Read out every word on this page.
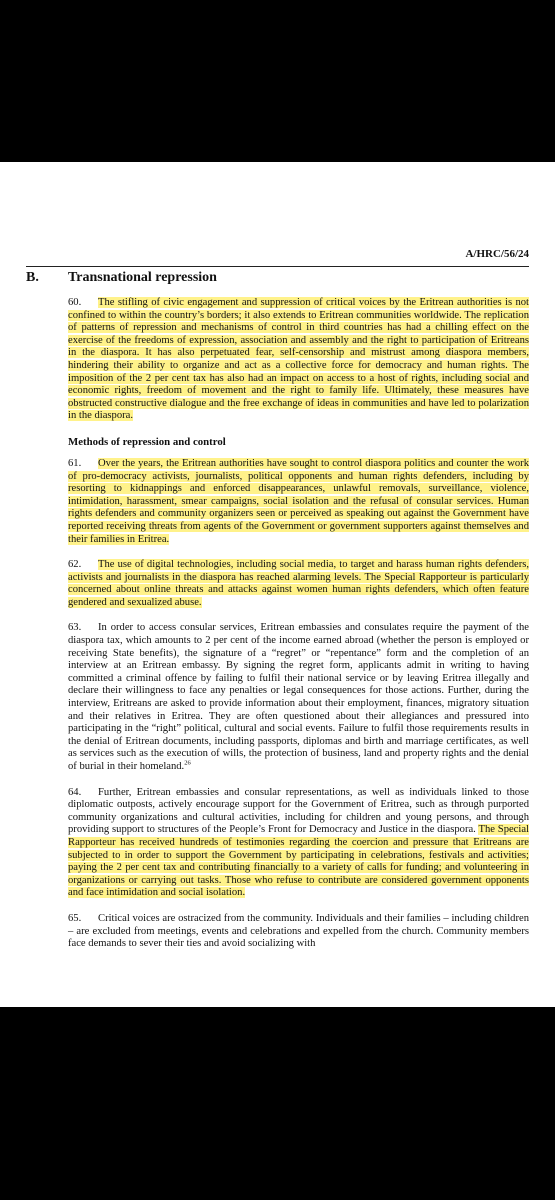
A/HRC/56/24
B. Transnational repression

60. The stifling of civic engagement and suppression of critical voices by the Eritrean authorities is not confined to within the country’s borders; it also extends to Eritrean communities worldwide. The replication of patterns of repression and mechanisms of control in third countries has had a chilling effect on the exercise of the freedoms of expression, association and assembly and the right to participation of Eritreans in the diaspora. It has also perpetuated fear, self-censorship and mistrust among diaspora members, hindering their ability to organize and act as a collective force for democracy and human rights. The imposition of the 2 per cent tax has also had an impact on access to a host of rights, including social and economic rights, freedom of movement and the right to family life. Ultimately, these measures have obstructed constructive dialogue and the free exchange of ideas in communities and have led to polarization in the diaspora.

Methods of repression and control

61. Over the years, the Eritrean authorities have sought to control diaspora politics and counter the work of pro-democracy activists, journalists, political opponents and human rights defenders, including by resorting to kidnappings and enforced disappearances, unlawful removals, surveillance, violence, intimidation, harassment, smear campaigns, social isolation and the refusal of consular services. Human rights defenders and community organizers seen or perceived as speaking out against the Government have reported receiving threats from agents of the Government or government supporters against themselves and their families in Eritrea.

62. The use of digital technologies, including social media, to target and harass human rights defenders, activists and journalists in the diaspora has reached alarming levels. The Special Rapporteur is particularly concerned about online threats and attacks against women human rights defenders, which often feature gendered and sexualized abuse.

63. In order to access consular services, Eritrean embassies and consulates require the payment of the diaspora tax, which amounts to 2 per cent of the income earned abroad (whether the person is employed or receiving State benefits), the signature of a “regret” or “repentance” form and the completion of an interview at an Eritrean embassy. By signing the regret form, applicants admit in writing to having committed a criminal offence by failing to fulfil their national service or by leaving Eritrea illegally and declare their willingness to face any penalties or legal consequences for those actions. Further, during the interview, Eritreans are asked to provide information about their employment, finances, migratory situation and their relatives in Eritrea. They are often questioned about their allegiances and pressured into participating in the “right” political, cultural and social events. Failure to fulfil those requirements results in the denial of Eritrean documents, including passports, diplomas and birth and marriage certificates, as well as services such as the execution of wills, the protection of business, land and property rights and the denial of burial in their homeland.$^{26}$

64. Further, Eritrean embassies and consular representations, as well as individuals linked to those diplomatic outposts, actively encourage support for the Government of Eritrea, such as through purported community organizations and cultural activities, including for children and young persons, and through providing support to structures of the People’s Front for Democracy and Justice in the diaspora. The Special Rapporteur has received hundreds of testimonies regarding the coercion and pressure that Eritreans are subjected to in order to support the Government by participating in celebrations, festivals and activities; paying the 2 per cent tax and contributing financially to a variety of calls for funding; and volunteering in organizations or carrying out tasks. Those who refuse to contribute are considered government opponents and face intimidation and social isolation.

65. Critical voices are ostracized from the community. Individuals and their families – including children – are excluded from meetings, events and celebrations and expelled from the church. Community members face demands to sever their ties and avoid socializing with
